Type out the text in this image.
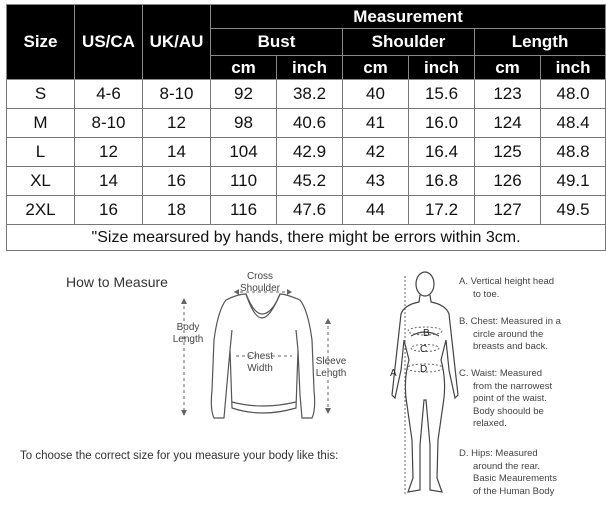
Size	US/CA	UK/AU	Measurement					
			Bust		Shoulder		Length	
			cm	inch	cm	inch	cm	inch
S	4-6	8-10	92	38.2	40	15.6	123	48.0
M	8-10	12	98	40.6	41	16.0	124	48.4
L	12	14	104	42.9	42	16.4	125	48.8
XL	14	16	110	45.2	43	16.8	126	49.1
2XL	16	18	116	47.6	44	17.2	127	49.5
"Size mearsured by hands, there might be errors within 3cm.								
How to Measure	Cross
Shoulder
Body
Length
Chest
Width
Sleeve
Length
B
C
D
A
To choose the correct size for you measure your body like this:
A. Vertical height head
to toe.
B. Chest: Measured in a
circle around the
breasts and back.
C. Waist: Measured
from the narrowest
point of the waist.
Body shoould be
relaxed.
D. Hips: Measured
around the rear.
Basic Meaurements
of the Human Body
